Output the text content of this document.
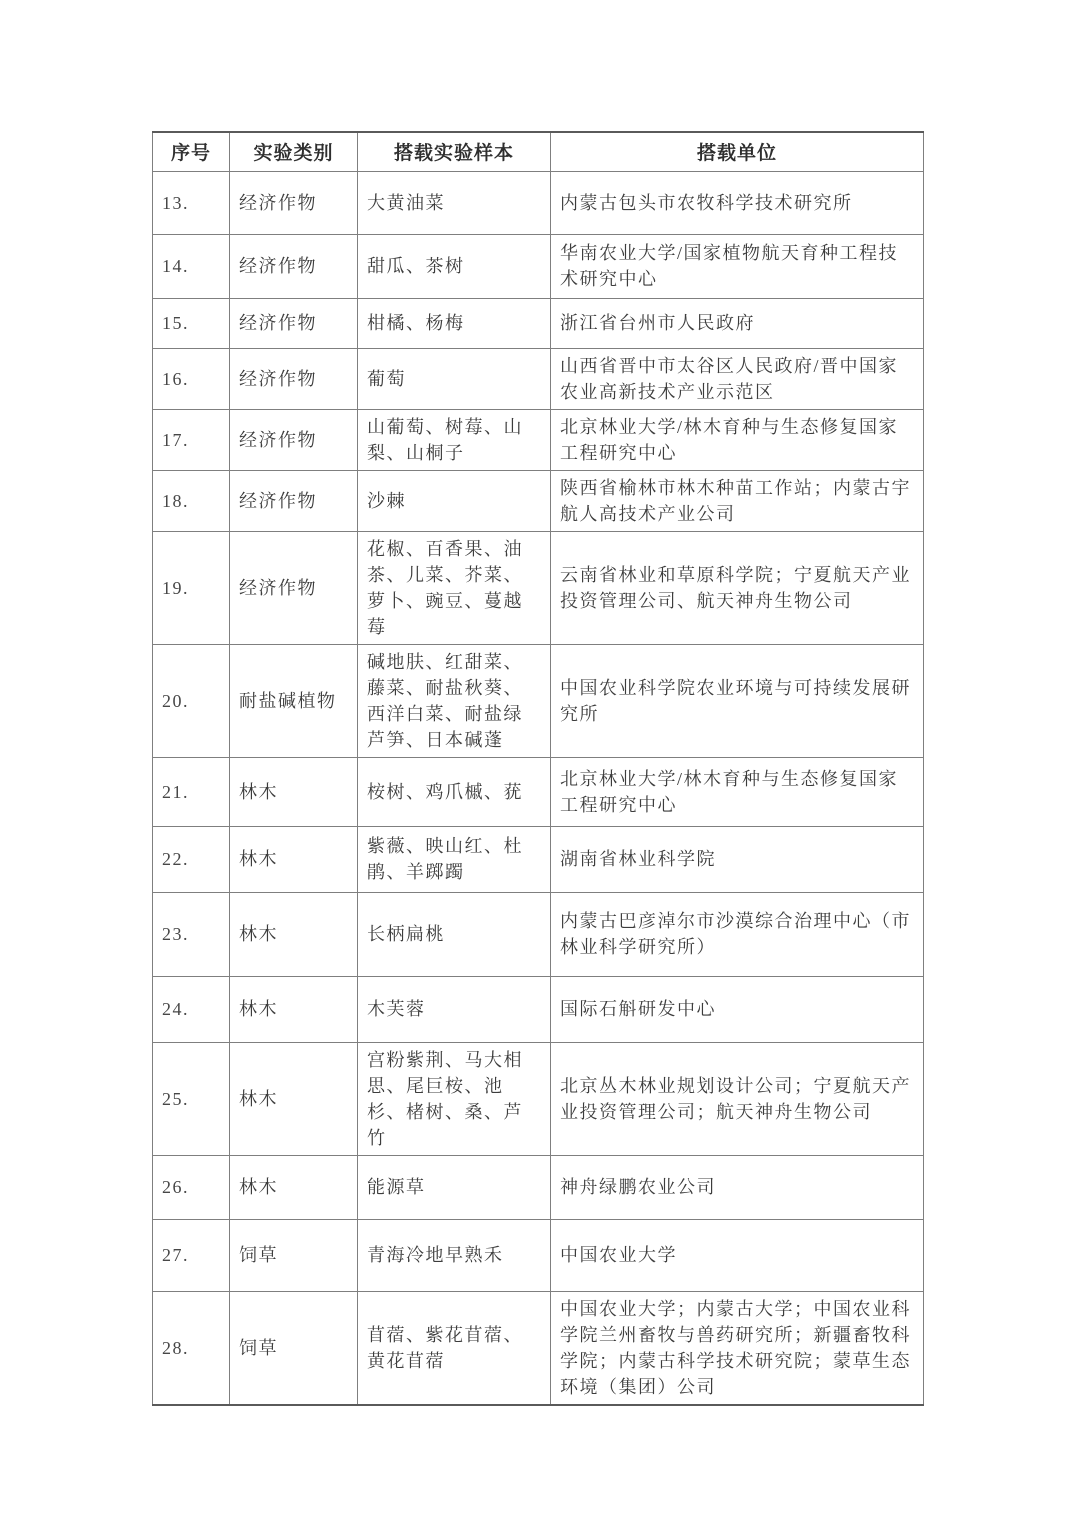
序号	实验类别	搭载实验样本	搭载单位
13.	经济作物	大黄油菜	内蒙古包头市农牧科学技术研究所
14.	经济作物	甜瓜、茶树	华南农业大学/国家植物航天育种工程技术研究中心
15.	经济作物	柑橘、杨梅	浙江省台州市人民政府
16.	经济作物	葡萄	山西省晋中市太谷区人民政府/晋中国家农业高新技术产业示范区
17.	经济作物	山葡萄、树莓、山梨、山桐子	北京林业大学/林木育种与生态修复国家工程研究中心
18.	经济作物	沙棘	陕西省榆林市林木种苗工作站；内蒙古宇航人高技术产业公司
19.	经济作物	花椒、百香果、油茶、儿菜、芥菜、萝卜、豌豆、蔓越莓	云南省林业和草原科学院；宁夏航天产业投资管理公司、航天神舟生物公司
20.	耐盐碱植物	碱地肤、红甜菜、藤菜、耐盐秋葵、西洋白菜、耐盐绿芦笋、日本碱蓬	中国农业科学院农业环境与可持续发展研究所
21.	林木	桉树、鸡爪槭、莸	北京林业大学/林木育种与生态修复国家工程研究中心
22.	林木	紫薇、映山红、杜鹃、羊踯躅	湖南省林业科学院
23.	林木	长柄扁桃	内蒙古巴彦淖尔市沙漠综合治理中心（市林业科学研究所）
24.	林木	木芙蓉	国际石斛研发中心
25.	林木	宫粉紫荆、马大相思、尾巨桉、池杉、楮树、桑、芦竹	北京丛木林业规划设计公司；宁夏航天产业投资管理公司；航天神舟生物公司
26.	林木	能源草	神舟绿鹏农业公司
27.	饲草	青海冷地早熟禾	中国农业大学
28.	饲草	苜蓿、紫花苜蓿、黄花苜蓿	中国农业大学；内蒙古大学；中国农业科学院兰州畜牧与兽药研究所；新疆畜牧科学院；内蒙古科学技术研究院；蒙草生态环境（集团）公司
